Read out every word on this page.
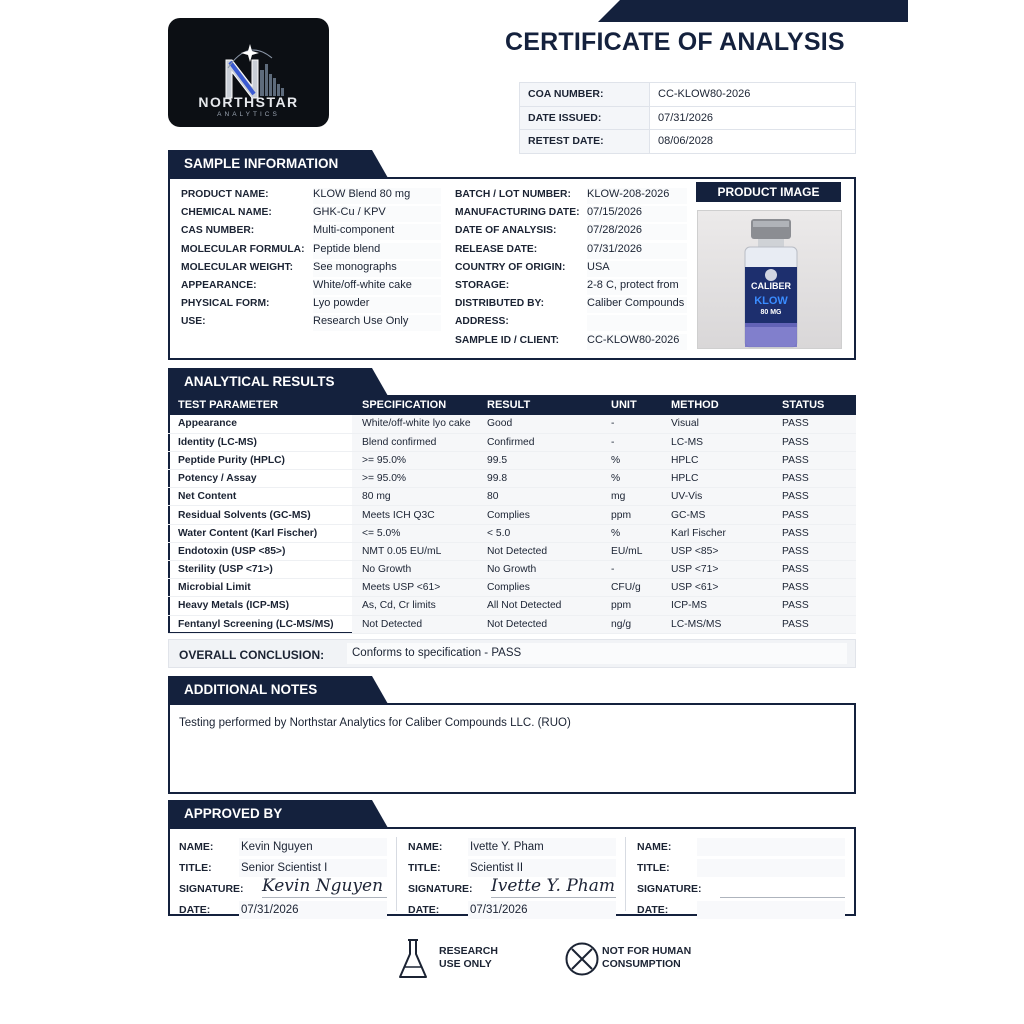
NORTHSTAR
ANALYTICS
CERTIFICATE OF ANALYSIS
COA NUMBER:	CC-KLOW80-2026
DATE ISSUED:	07/31/2026
RETEST DATE:	08/06/2028
SAMPLE INFORMATION
PRODUCT NAME:	KLOW Blend 80 mg
CHEMICAL NAME:	GHK-Cu / KPV
CAS NUMBER:	Multi-component
MOLECULAR FORMULA: Peptide blend
MOLECULAR WEIGHT: See monographs
APPEARANCE:	White/off-white cake
PHYSICAL FORM:	Lyo powder
USE:	Research Use Only
BATCH / LOT NUMBER: KLOW-208-2026
MANUFACTURING DATE: 07/15/2026
DATE OF ANALYSIS:	07/28/2026
RELEASE DATE:	07/31/2026
COUNTRY OF ORIGIN: USA
STORAGE:	2-8 C, protect from
DISTRIBUTED BY:	Caliber Compounds
ADDRESS:
SAMPLE ID / CLIENT:	CC-KLOW80-2026
PRODUCT IMAGE
CALIBER
KLOW
80 MG
ANALYTICAL RESULTS
TEST PARAMETER	SPECIFICATION	RESULT	UNIT	METHOD	STATUS
Appearance	White/off-white lyo cake	Good	-	Visual	PASS
Identity (LC-MS)	Blend confirmed	Confirmed	-	LC-MS	PASS
Peptide Purity (HPLC)	>= 95.0%	99.5	%	HPLC	PASS
Potency / Assay	>= 95.0%	99.8	%	HPLC	PASS
Net Content	80 mg	80	mg	UV-Vis	PASS
Residual Solvents (GC-MS)	Meets ICH Q3C	Complies	ppm	GC-MS	PASS
Water Content (Karl Fischer)	<= 5.0%	< 5.0	%	Karl Fischer	PASS
Endotoxin (USP <85>)	NMT 0.05 EU/mL	Not Detected	EU/mL	USP <85>	PASS
Sterility (USP <71>)	No Growth	No Growth	-	USP <71>	PASS
Microbial Limit	Meets USP <61>	Complies	CFU/g	USP <61>	PASS
Heavy Metals (ICP-MS)	As, Cd, Cr limits	All Not Detected	ppm	ICP-MS	PASS
Fentanyl Screening (LC-MS/MS)	Not Detected	Not Detected	ng/g	LC-MS/MS	PASS
OVERALL CONCLUSION:	Conforms to specification - PASS
ADDITIONAL NOTES
Testing performed by Northstar Analytics for Caliber Compounds LLC. (RUO)
APPROVED BY
NAME: Kevin Nguyen
TITLE:	Senior Scientist I
SIGNATURE: Kevin Nguyen
DATE:	07/31/2026
NAME: Ivette Y. Pham
TITLE:	Scientist II
SIGNATURE: Ivette Y. Pham
DATE:	07/31/2026
NAME:
TITLE:
SIGNATURE:
DATE:
RESEARCH
USE ONLY
NOT FOR HUMAN
CONSUMPTION
